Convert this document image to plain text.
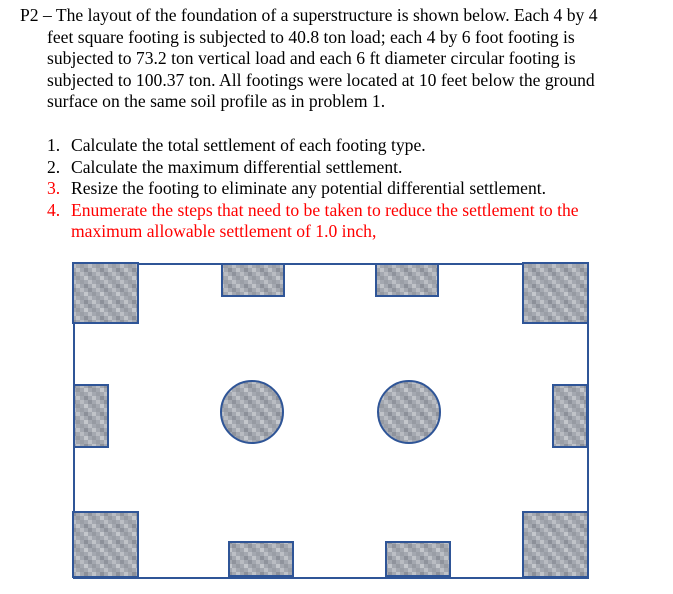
P2 – The layout of the foundation of a superstructure is shown below. Each 4 by 4
feet square footing is subjected to 40.8 ton load; each 4 by 6 foot footing is
subjected to 73.2 ton vertical load and each 6 ft diameter circular footing is
subjected to 100.37 ton. All footings were located at 10 feet below the ground
surface on the same soil profile as in problem 1.
1. Calculate the total settlement of each footing type.
2. Calculate the maximum differential settlement.
3. Resize the footing to eliminate any potential differential settlement.
4. Enumerate the steps that need to be taken to reduce the settlement to the
maximum allowable settlement of 1.0 inch,
